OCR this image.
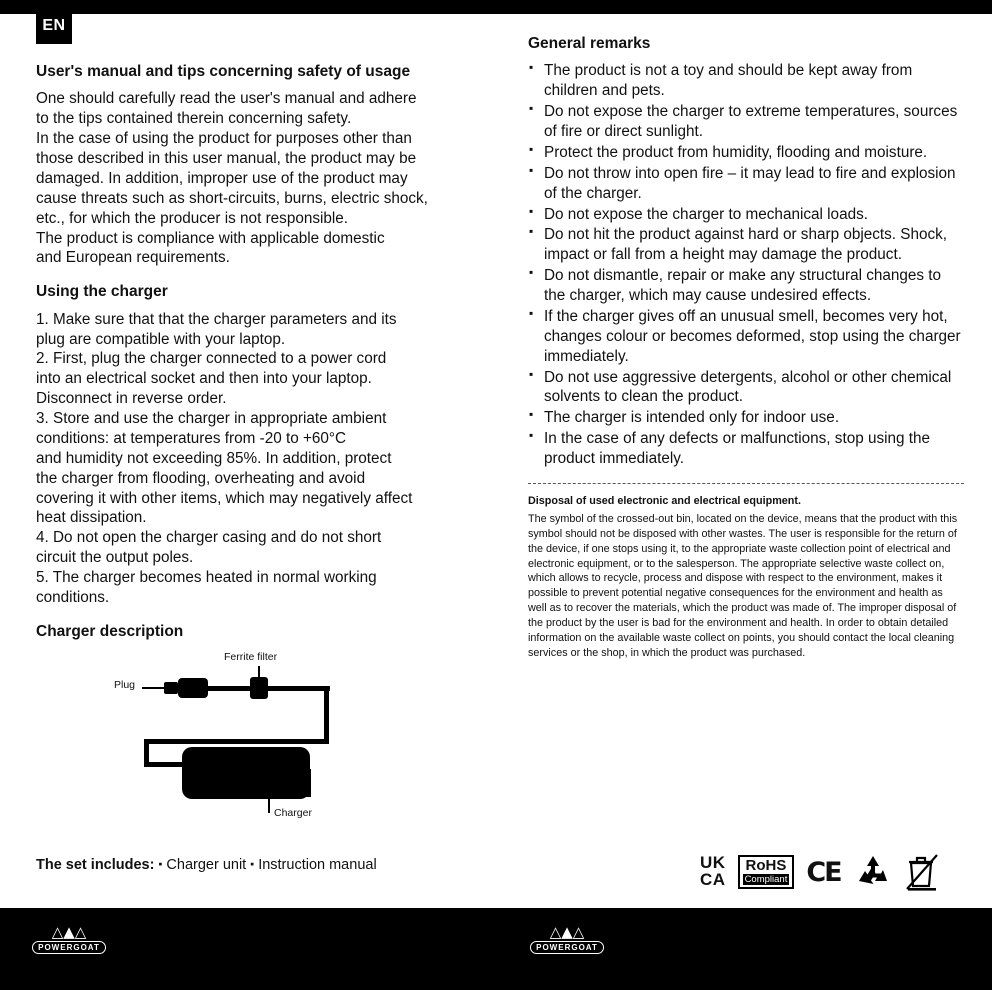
EN
User's manual and tips concerning safety of usage
One should carefully read the user's manual and adhere
to the tips contained therein concerning safety.
In the case of using the product for purposes other than
those described in this user manual, the product may be
damaged. In addition, improper use of the product may
cause threats such as short-circuits, burns, electric shock,
etc., for which the producer is not responsible.
The product is compliance with applicable domestic
and European requirements.
Using the charger
1. Make sure that that the charger parameters and its
plug are compatible with your laptop.
2. First, plug the charger connected to a power cord
into an electrical socket and then into your laptop.
Disconnect in reverse order.
3. Store and use the charger in appropriate ambient
conditions: at temperatures from -20 to +60°C
and humidity not exceeding 85%. In addition, protect
the charger from flooding, overheating and avoid
covering it with other items, which may negatively affect
heat dissipation.
4. Do not open the charger casing and do not short
circuit the output poles.
5. The charger becomes heated in normal working
conditions.
Charger description
Ferrite filter
Plug
Charger
The set includes: ▪ Charger unit ▪ Instruction manual
General remarks
▪ The product is not a toy and should be kept away from children and pets.
▪ Do not expose the charger to extreme temperatures, sources of fire or direct sunlight.
▪ Protect the product from humidity, flooding and moisture.
▪ Do not throw into open fire – it may lead to fire and explosion of the charger.
▪ Do not expose the charger to mechanical loads.
▪ Do not hit the product against hard or sharp objects. Shock, impact or fall from a height may damage the product.
▪ Do not dismantle, repair or make any structural changes to the charger, which may cause undesired effects.
▪ If the charger gives off an unusual smell, becomes very hot, changes colour or becomes deformed, stop using the charger immediately.
▪ Do not use aggressive detergents, alcohol or other chemical solvents to clean the product.
▪ The charger is intended only for indoor use.
▪ In the case of any defects or malfunctions, stop using the product immediately.
Disposal of used electronic and electrical equipment.
The symbol of the crossed-out bin, located on the device, means that the product with this symbol should not be disposed with other wastes. The user is responsible for the return of the device, if one stops using it, to the appropriate waste collection point of electrical and electronic equipment, or to the salesperson. The appropriate selective waste collect on, which allows to recycle, process and dispose with respect to the environment, makes it possible to prevent potential negative consequences for the environment and health as well as to recover the materials, which the product was made of. The improper disposal of the product by the user is bad for the environment and health. In order to obtain detailed information on the available waste collect on points, you should contact the local cleaning services or the shop, in which the product was purchased.
UK
CA
RoHS
Compliant CE
△▲△
POWERGOAT
△▲△
POWERGOAT
